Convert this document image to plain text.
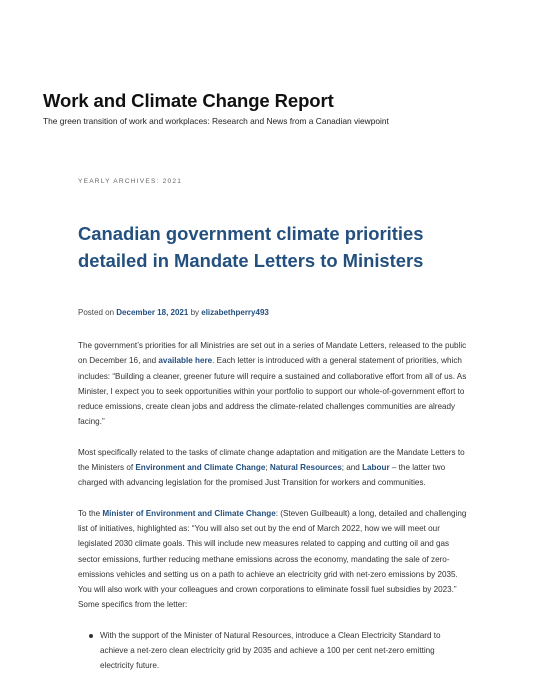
Work and Climate Change Report

The green transition of work and workplaces: Research and News from a Canadian viewpoint

YEARLY ARCHIVES: 2021
Canadian government climate priorities detailed in Mandate Letters to Ministers
Posted on December 18, 2021 by elizabethperry493

The government’s priorities for all Ministries are set out in a series of Mandate Letters, released to the public on December 16, and available here. Each letter is introduced with a general statement of priorities, which includes: “Building a cleaner, greener future will require a sustained and collaborative effort from all of us. As Minister, I expect you to seek opportunities within your portfolio to support our whole-of-government effort to reduce emissions, create clean jobs and address the climate-related challenges communities are already facing.”

Most specifically related to the tasks of climate change adaptation and mitigation are the Mandate Letters to the Ministers of Environment and Climate Change; Natural Resources; and Labour – the latter two charged with advancing legislation for the promised Just Transition for workers and communities.

To the Minister of Environment and Climate Change: (Steven Guilbeault) a long, detailed and challenging list of initiatives, highlighted as: “You will also set out by the end of March 2022, how we will meet our legislated 2030 climate goals. This will include new measures related to capping and cutting oil and gas sector emissions, further reducing methane emissions across the economy, mandating the sale of zero-emissions vehicles and setting us on a path to achieve an electricity grid with net-zero emissions by 2035. You will also work with your colleagues and crown corporations to eliminate fossil fuel subsidies by 2023.” Some specifics from the letter:

With the support of the Minister of Natural Resources, introduce a Clean Electricity Standard to achieve a net-zero clean electricity grid by 2035 and achieve a 100 per cent net-zero emitting electricity future.
